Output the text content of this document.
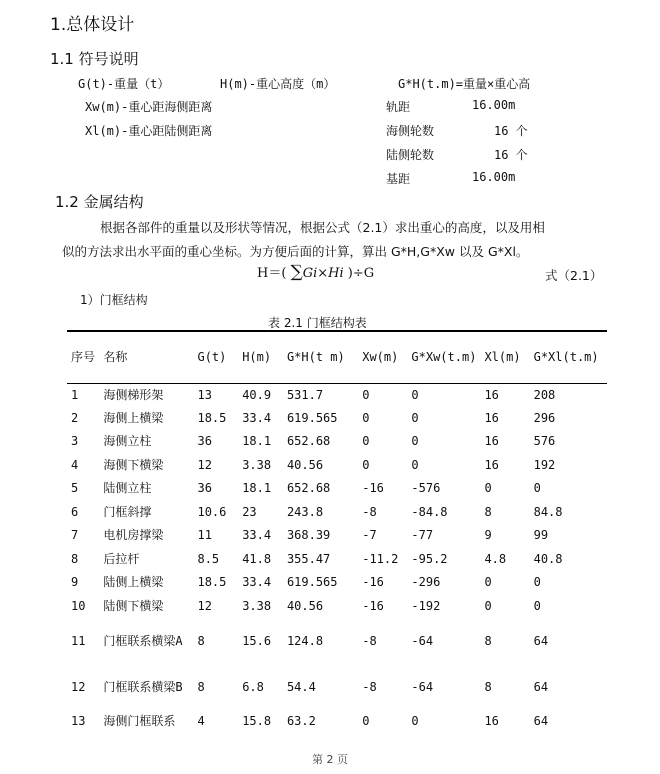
1.总体设计
1.1 符号说明
G(t)-重量（t）	H(m)-重心高度（m）	G*H(t.m)=重量×重心高
Xw(m)-重心距海侧距离
Xl(m)-重心距陆侧距离
轨距	16.00m
海侧轮数	16 个
陆侧轮数	16 个
基距	16.00m
1.2 金属结构
根据各部件的重量以及形状等情况，根据公式（2.1）求出重心的高度，以及用相
似的方法求出水平面的重心坐标。为方便后面的计算，算出 G*H,G*Xw 以及 G*Xl。
H＝( ∑Gi×Hi )÷G	式（2.1）
1）门框结构
表 2.1 门框结构表
序号	名称	G(t)	H(m)	G*H(t m)	Xw(m)	G*Xw(t.m)	Xl(m)	G*Xl(t.m)
1	海侧梯形架	13	40.9	531.7	0	0	16	208
2	海侧上横梁	18.5	33.4	619.565	0	0	16	296
3	海侧立柱	36	18.1	652.68	0	0	16	576
4	海侧下横梁	12	3.38	40.56	0	0	16	192
5	陆侧立柱	36	18.1	652.68	-16	-576	0	0
6	门框斜撑	10.6	23	243.8	-8	-84.8	8	84.8
7	电机房撑梁	11	33.4	368.39	-7	-77	9	99
8	后拉杆	8.5	41.8	355.47	-11.2	-95.2	4.8	40.8
9	陆侧上横梁	18.5	33.4	619.565	-16	-296	0	0
10	陆侧下横梁	12	3.38	40.56	-16	-192	0	0
11	门框联系横梁A	8	15.6	124.8	-8	-64	8	64
12	门框联系横梁B	8	6.8	54.4	-8	-64	8	64
13	海侧门框联系	4	15.8	63.2	0	0	16	64
第 2 页
